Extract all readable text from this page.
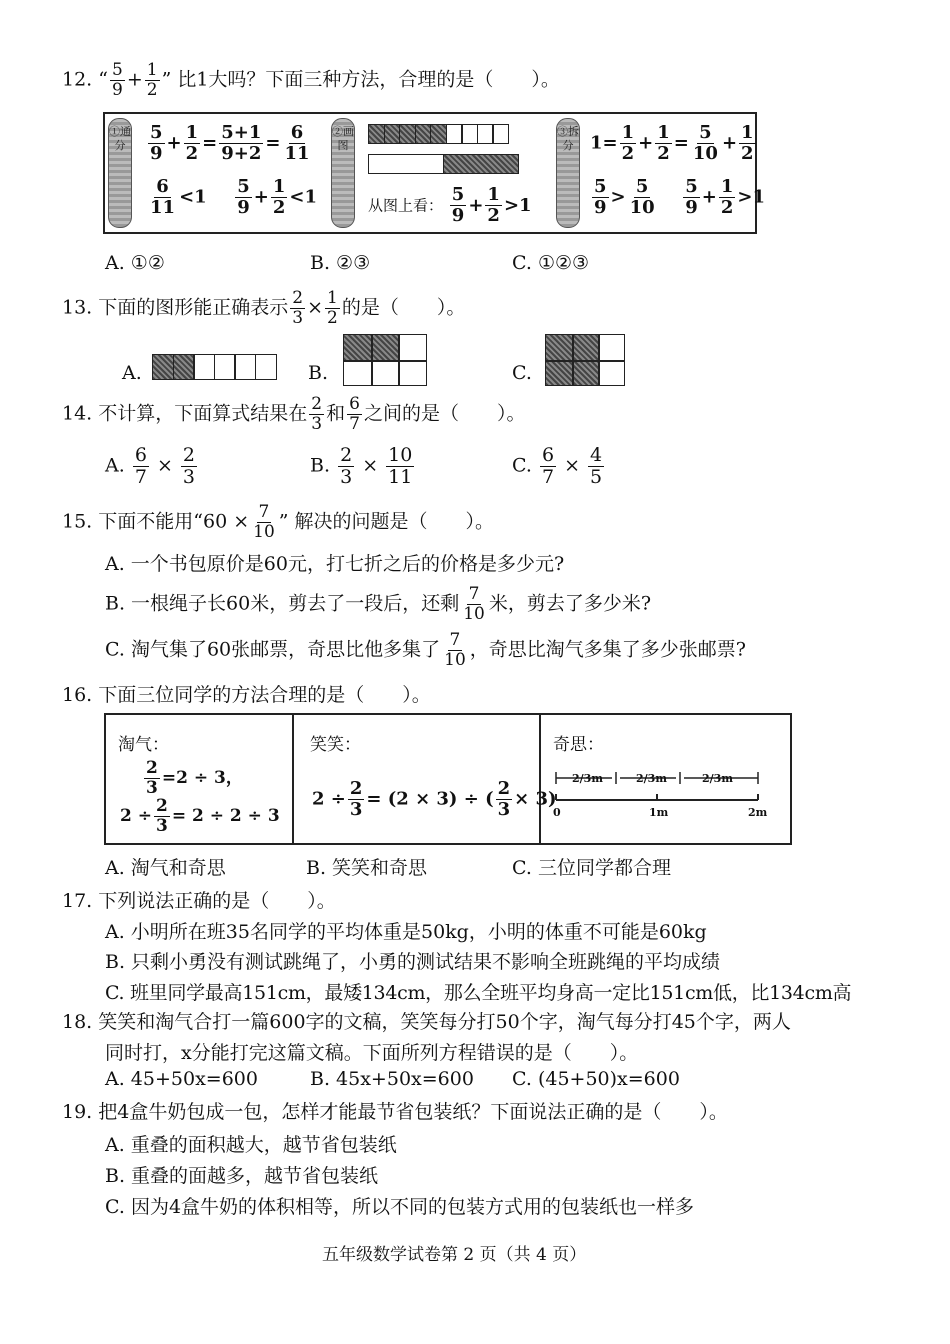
12. “ $\frac{5}{9} + \frac{1}{2}$ ” 比1大吗？下面三种方法，合理的是（ ）。
①通分	$\frac{5}{9} + \frac{1}{2} = \frac{5+1}{9+2} = \frac{6}{11}$
$\frac{6}{11} <1 \frac{5}{9} + \frac{1}{2} <1$
②画图
从图上看： $\frac{5}{9} + \frac{1}{2} >1$
③拆分 $1= \frac{1}{2} + \frac{1}{2} = \frac{5}{10} + \frac{1}{2}$
$\frac{5}{9} > \frac{5}{10}$
$\frac{5}{9} + \frac{1}{2} >1$
A. ①②	B. ②③	C. ①②③
13. 下面的图形能正确表示 $\frac{2}{3} \times \frac{1}{2}$ 的是（ ）。
A.	B.	C.
14. 不计算，下面算式结果在 $\frac{2}{3}$ 和 $\frac{6}{7}$ 之间的是（ ）。
A. $\frac{6}{7} \times \frac{2}{3}$	B. $\frac{2}{3} \times \frac{10}{11}$	C. $\frac{6}{7} \times \frac{4}{5}$
15. 下面不能用“$60 \times \frac{7}{10}$ ” 解决的问题是（ ）。
A. 一个书包原价是60元，打七折之后的价格是多少元?
B. 一根绳子长60米，剪去了一段后，还剩 $\frac{7}{10}$ 米，剪去了多少米?
C. 淘气集了60张邮票，奇思比他多集了 $\frac{7}{10}$ ，奇思比淘气多集了多少张邮票?
16. 下面三位同学的方法合理的是（ ）。
淘气：
$\frac{2}{3} =2 \div 3$，
$2 \div \frac{2}{3} = 2 \div 2 \div 3$
笑笑：
$2 \div \frac{2}{3} = (2 \times 3)$ ÷ ( $\frac{2}{3} \times 3$)
奇思：
2/3m	2/3m	2/3m
0	1m	2m
A. 淘气和奇思	B. 笑笑和奇思	C. 三位同学都合理
17. 下列说法正确的是（ ）。
A. 小明所在班35名同学的平均体重是50kg，小明的体重不可能是60kg
B. 只剩小勇没有测试跳绳了，小勇的测试结果不影响全班跳绳的平均成绩
C. 班里同学最高151cm，最矮134cm，那么全班平均身高一定比151cm低，比134cm高
18. 笑笑和淘气合打一篇600字的文稿，笑笑每分打50个字，淘气每分打45个字，两人
同时打，x分能打完这篇文稿。下面所列方程错误的是（ ）。
A. 45+50x=600	B. 45x+50x=600 C. (45+50)x=600
19. 把4盒牛奶包成一包，怎样才能最节省包装纸？下面说法正确的是（ ）。
A. 重叠的面积越大，越节省包装纸
B. 重叠的面越多，越节省包装纸
C. 因为4盒牛奶的体积相等，所以不同的包装方式用的包装纸也一样多
五年级数学试卷第 2 页（共 4 页）
